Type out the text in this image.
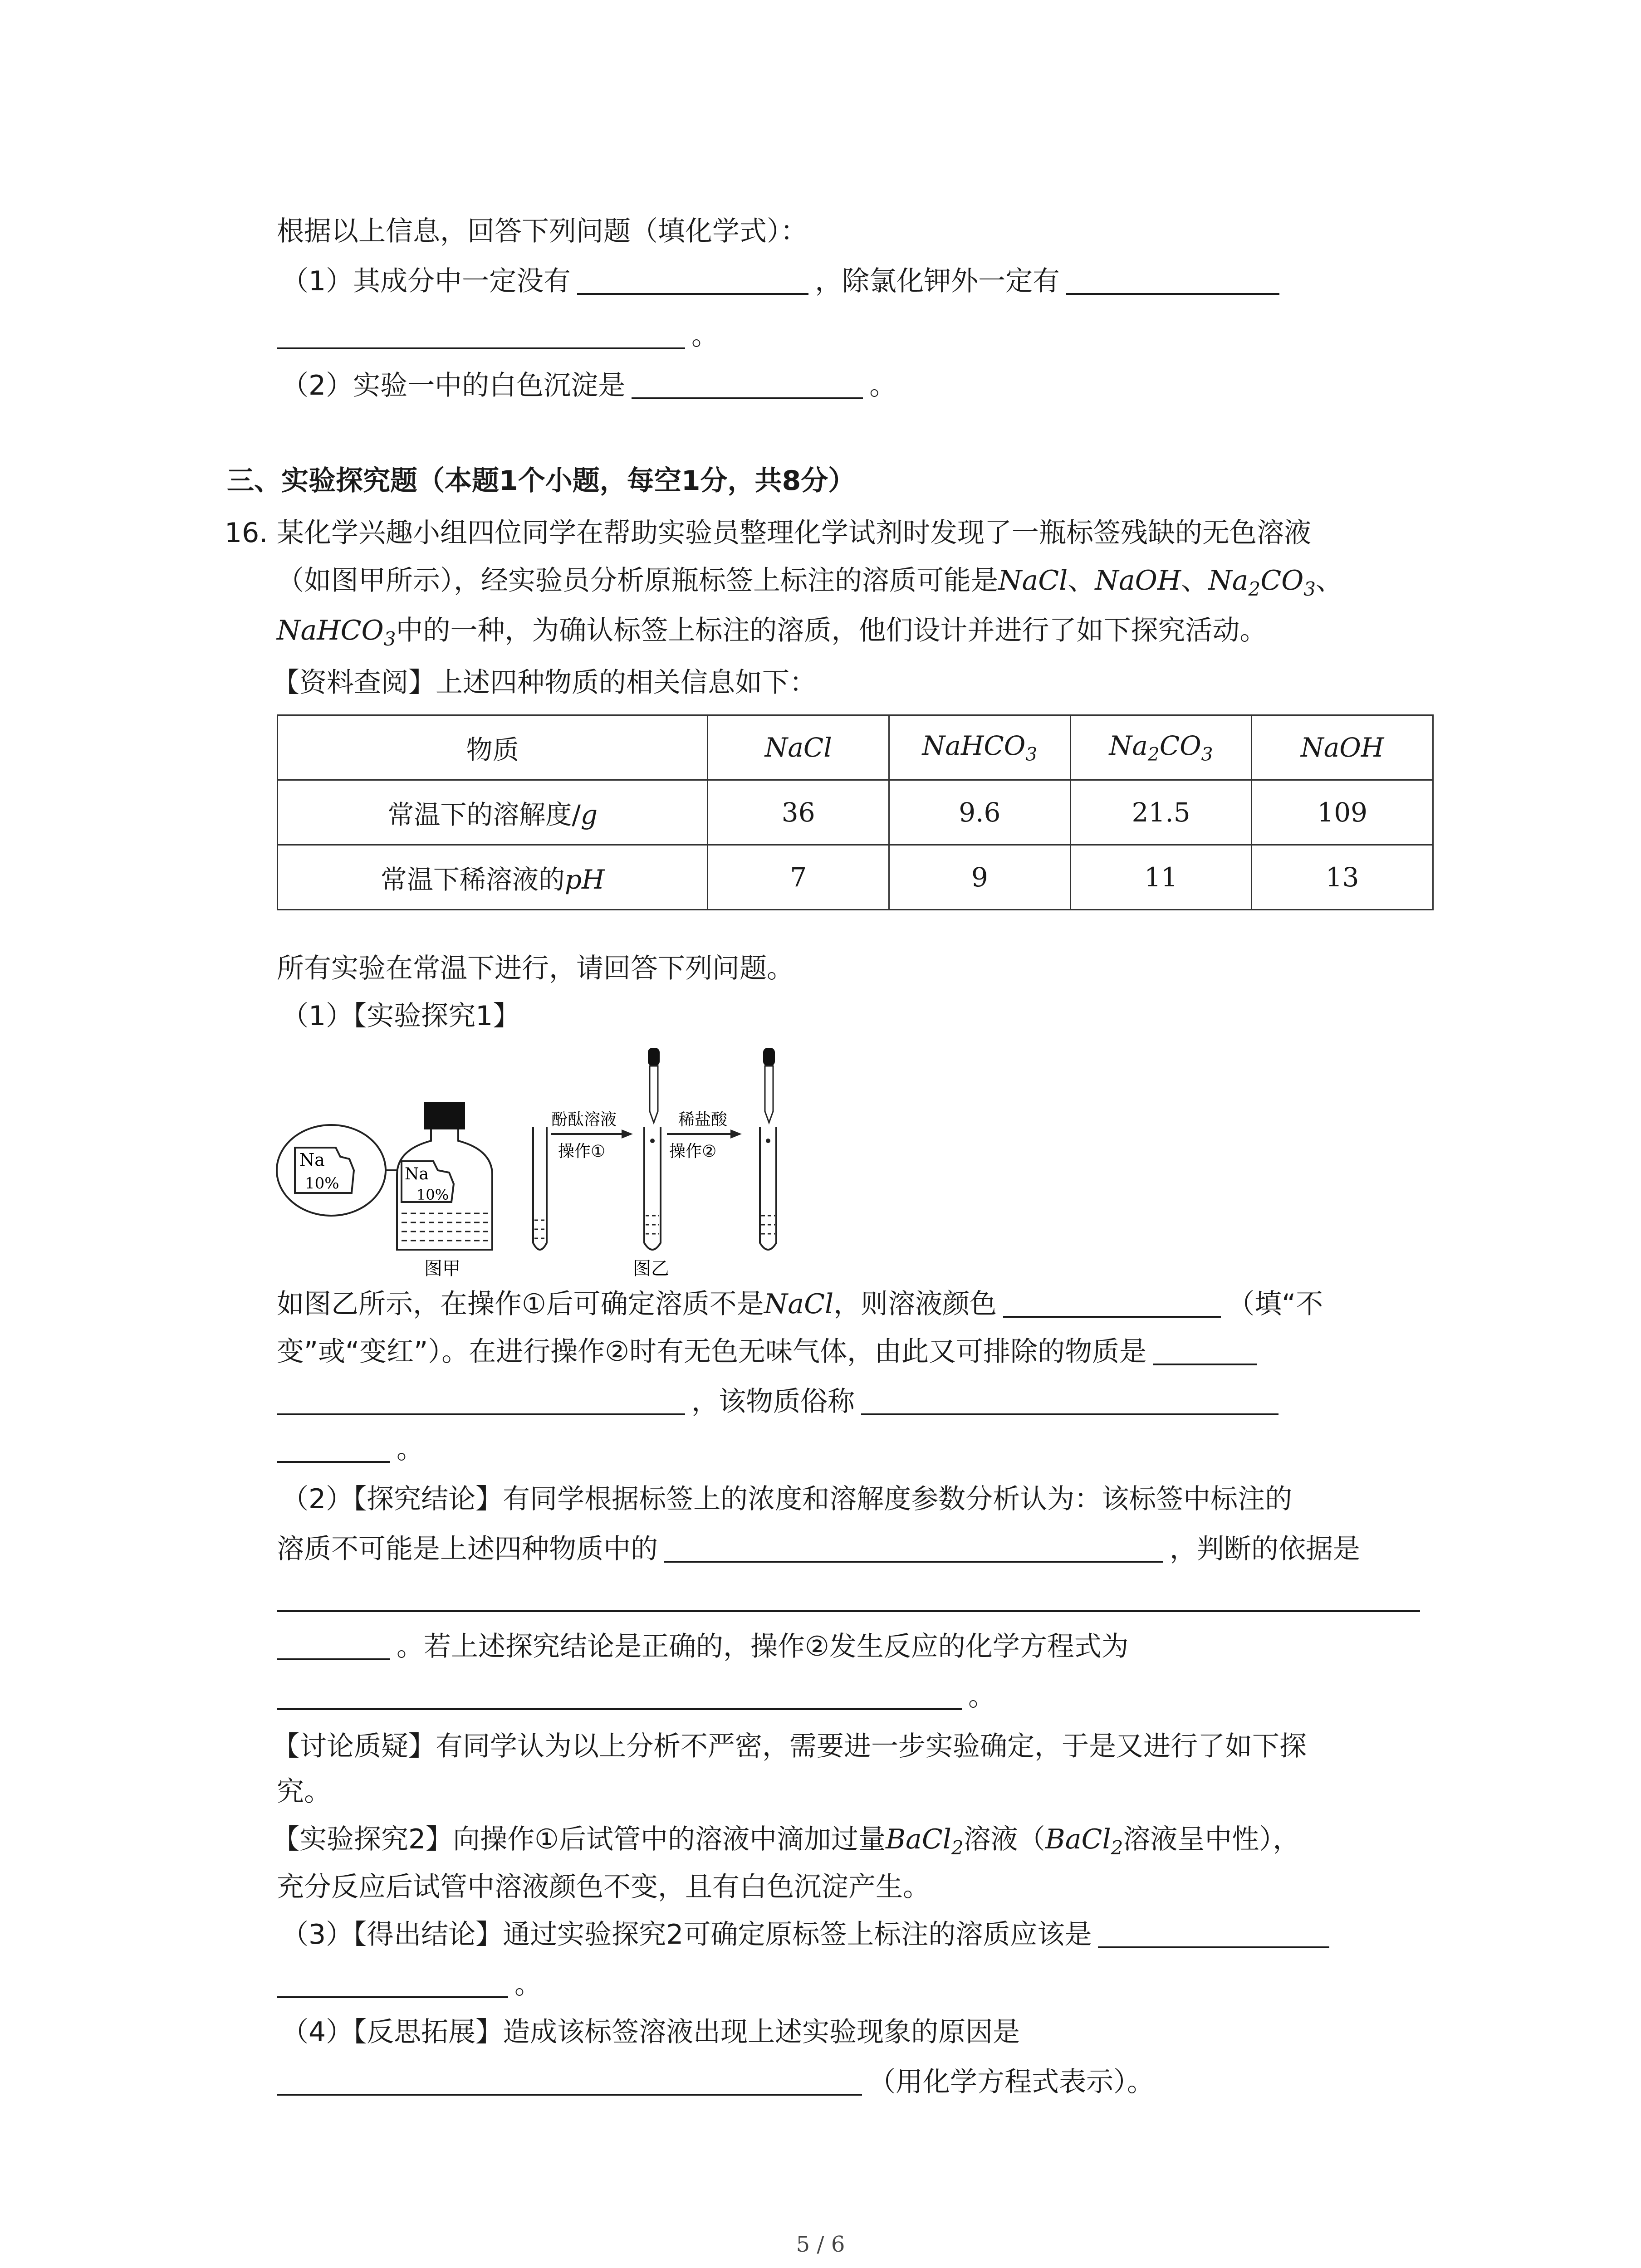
根据以上信息，回答下列问题（填化学式）：
（1）其成分中一定没有	，除氯化钾外一定有
。
（2）实验一中的白色沉淀是	。
三、实验探究题（本题1个小题，每空1分，共8分）
16. 某化学兴趣小组四位同学在帮助实验员整理化学试剂时发现了一瓶标签残缺的无色溶液
（如图甲所示），经实验员分析原瓶标签上标注的溶质可能是NaCl、NaOH、$Na_2CO_3$、
NaHCO$_3$中的一种，为确认标签上标注的溶质，他们设计并进行了如下探究活动。
【资料查阅】上述四种物质的相关信息如下：
物质	NaCl	NaHCO$_3$	$Na_2CO_3$	NaOH
常温下的溶解度/g	36	9.6	21.5	109
常温下稀溶液的pH	7	9	11	13
所有实验在常温下进行，请回答下列问题。
（1）【实验探究1】
Na
10%	Na
10%
图甲
酚酞溶液
操作①
图乙
稀盐酸
操作②
如图乙所示，在操作①后可确定溶质不是NaCl，则溶液颜色	（填“不
变”或“变红”）。在进行操作②时有无色无味气体，由此又可排除的物质是
，该物质俗称
。
（2）【探究结论】有同学根据标签上的浓度和溶解度参数分析认为：该标签中标注的
溶质不可能是上述四种物质中的	，判断的依据是
。若上述探究结论是正确的，操作②发生反应的化学方程式为
。
【讨论质疑】有同学认为以上分析不严密，需要进一步实验确定，于是又进行了如下探
究。
【实验探究2】向操作①后试管中的溶液中滴加过量BaCl$_2$溶液（BaCl$_2$溶液呈中性），
充分反应后试管中溶液颜色不变，且有白色沉淀产生。
（3）【得出结论】通过实验探究2可确定原标签上标注的溶质应该是
。
（4）【反思拓展】造成该标签溶液出现上述实验现象的原因是
（用化学方程式表示）。
5 / 6
